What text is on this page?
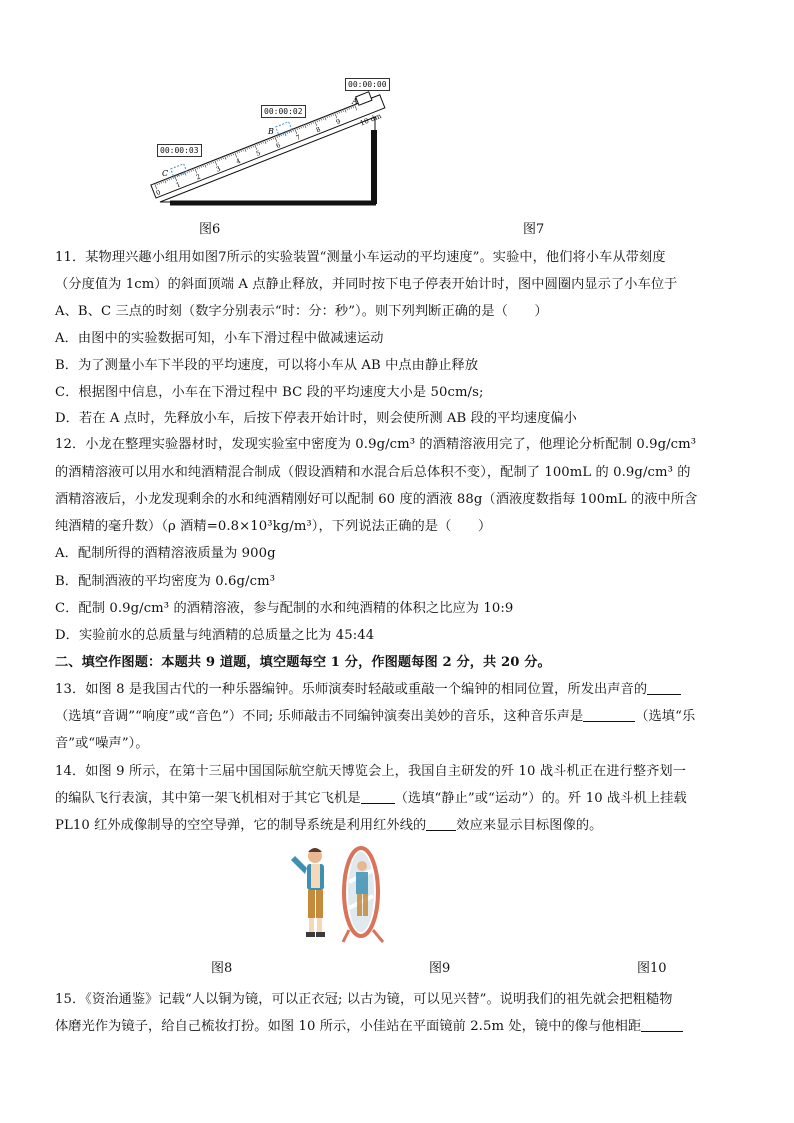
0
1
2
3
4
5
6
7
8
9
A
B
C
10 dm
00:00:00
00:00:02
00:00:03
图6	图7
11．某物理兴趣小组用如图7所示的实验装置“测量小车运动的平均速度”。实验中，他们将小车从带刻度
（分度值为 1cm）的斜面顶端 A 点静止释放，并同时按下电子停表开始计时，图中圆圈内显示了小车位于
A、B、C 三点的时刻（数字分别表示“时：分：秒”）。则下列判断正确的是（　　）
A．由图中的实验数据可知，小车下滑过程中做减速运动
B．为了测量小车下半段的平均速度，可以将小车从 AB 中点由静止释放
C．根据图中信息，小车在下滑过程中 BC 段的平均速度大小是 50cm/s;
D．若在 A 点时，先释放小车，后按下停表开始计时，则会使所测 AB 段的平均速度偏小
12．小龙在整理实验器材时，发现实验室中密度为 0.9g/cm³ 的酒精溶液用完了，他理论分析配制 0.9g/cm³
的酒精溶液可以用水和纯酒精混合制成（假设酒精和水混合后总体积不变），配制了 100mL 的 0.9g/cm³ 的
酒精溶液后，小龙发现剩余的水和纯酒精刚好可以配制 60 度的酒液 88g（酒液度数指每 100mL 的液中所含
纯酒精的毫升数）（ρ 酒精=0.8×10³kg/m³），下列说法正确的是（　　）
A．配制所得的酒精溶液质量为 900g
B．配制酒液的平均密度为 0.6g/cm³
C．配制 0.9g/cm³ 的酒精溶液，参与配制的水和纯酒精的体积之比应为 10:9
D．实验前水的总质量与纯酒精的总质量之比为 45:44
二、填空作图题：本题共 9 道题，填空题每空 1 分，作图题每图 2 分，共 20 分。
13．如图 8 是我国古代的一种乐器编钟。乐师演奏时轻敲或重敲一个编钟的相同位置，所发出声音的
（选填“音调”“响度”或“音色”）不同; 乐师敲击不同编钟演奏出美妙的音乐，这种音乐声是	（选填“乐
音”或“噪声”）。
14．如图 9 所示，在第十三届中国国际航空航天博览会上，我国自主研发的歼 10 战斗机正在进行整齐划一
的编队飞行表演，其中第一架飞机相对于其它飞机是	（选填“静止”或“运动”）的。歼 10 战斗机上挂载
PL10 红外成像制导的空空导弹，它的制导系统是利用红外线的 效应来显示目标图像的。
图8	图9	图10
15．《资治通鉴》记载“人以铜为镜，可以正衣冠; 以古为镜，可以见兴替”。说明我们的祖先就会把粗糙物
体磨光作为镜子，给自己梳妆打扮。如图 10 所示，小佳站在平面镜前 2.5m 处，镜中的像与他相距
